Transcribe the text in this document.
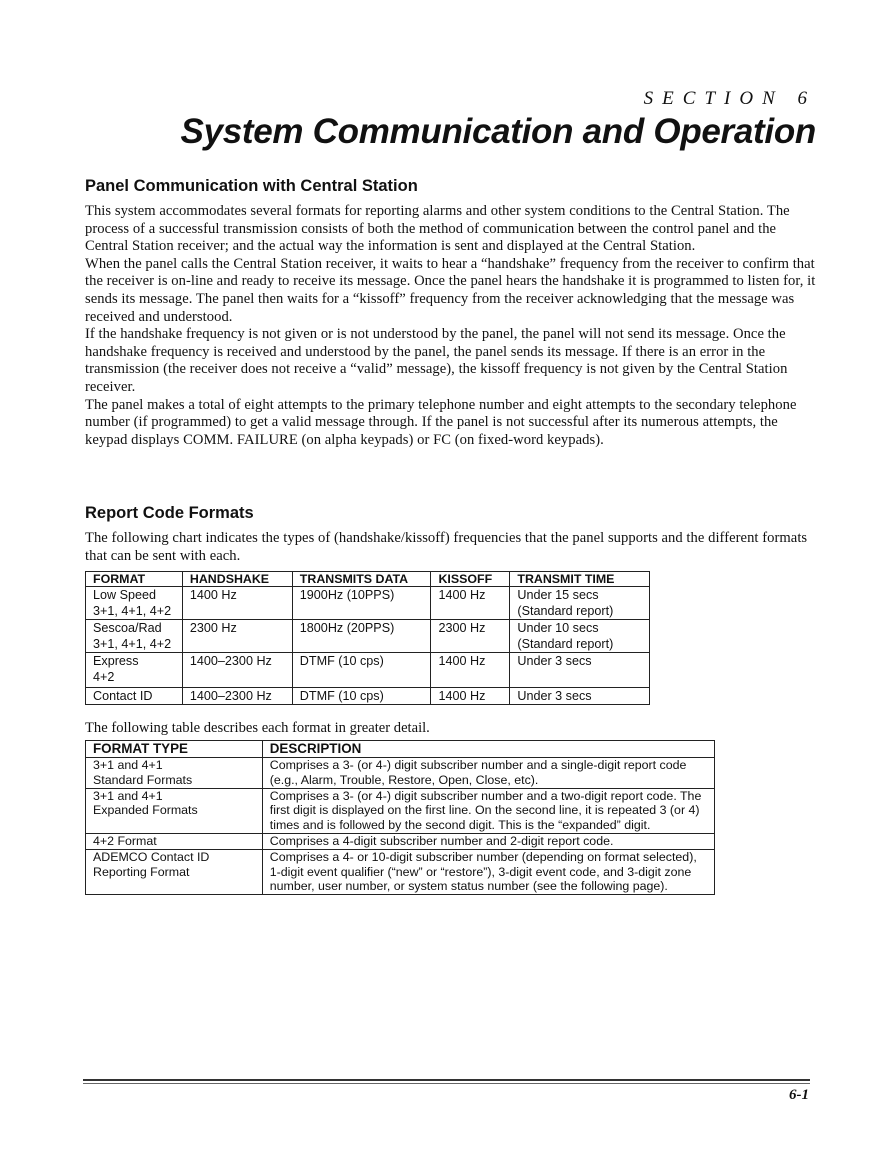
SECTION 6
System Communication and Operation
Panel Communication with Central Station

This system accommodates several formats for reporting alarms and other system conditions to the Central Station. The process of a successful transmission consists of both the method of communication between the control panel and the Central Station receiver; and the actual way the information is sent and displayed at the Central Station.

When the panel calls the Central Station receiver, it waits to hear a “handshake” frequency from the receiver to confirm that the receiver is on-line and ready to receive its message. Once the panel hears the handshake it is programmed to listen for, it sends its message. The panel then waits for a “kissoff” frequency from the receiver acknowledging that the message was received and understood.

If the handshake frequency is not given or is not understood by the panel, the panel will not send its message. Once the handshake frequency is received and understood by the panel, the panel sends its message. If there is an error in the transmission (the receiver does not receive a “valid” message), the kissoff frequency is not given by the Central Station receiver.

The panel makes a total of eight attempts to the primary telephone number and eight attempts to the secondary telephone number (if programmed) to get a valid message through. If the panel is not successful after its numerous attempts, the keypad displays COMM. FAILURE (on alpha keypads) or FC (on fixed-word keypads).

Report Code Formats
The following chart indicates the types of (handshake/kissoff) frequencies that the panel supports and the different formats that can be sent with each.
FORMAT	HANDSHAKE	TRANSMITS DATA	KISSOFF	TRANSMIT TIME

Low Speed
3+1, 4+1, 4+2	1400 Hz	1900Hz (10PPS)	1400 Hz	Under 15 secs
(Standard report)

Sescoa/Rad
3+1, 4+1, 4+2	2300 Hz	1800Hz (20PPS)	2300 Hz	Under 10 secs
(Standard report)

Express
4+2	1400–2300 Hz	DTMF (10 cps)	1400 Hz	Under 3 secs

Contact ID	1400–2300 Hz	DTMF (10 cps)	1400 Hz	Under 3 secs
The following table describes each format in greater detail.
FORMAT TYPE	DESCRIPTION

3+1 and 4+1
Standard Formats	Comprises a 3- (or 4-) digit subscriber number and a single-digit report code (e.g., Alarm, Trouble, Restore, Open, Close, etc).

3+1 and 4+1
Expanded Formats	Comprises a 3- (or 4-) digit subscriber number and a two-digit report code. The first digit is displayed on the first line. On the second line, it is repeated 3 (or 4) times and is followed by the second digit. This is the “expanded” digit.

4+2 Format	Comprises a 4-digit subscriber number and 2-digit report code.

ADEMCO Contact ID
Reporting Format	Comprises a 4- or 10-digit subscriber number (depending on format selected), 1-digit event qualifier (“new” or “restore”), 3-digit event code, and 3-digit zone number, user number, or system status number (see the following page).
6-1
